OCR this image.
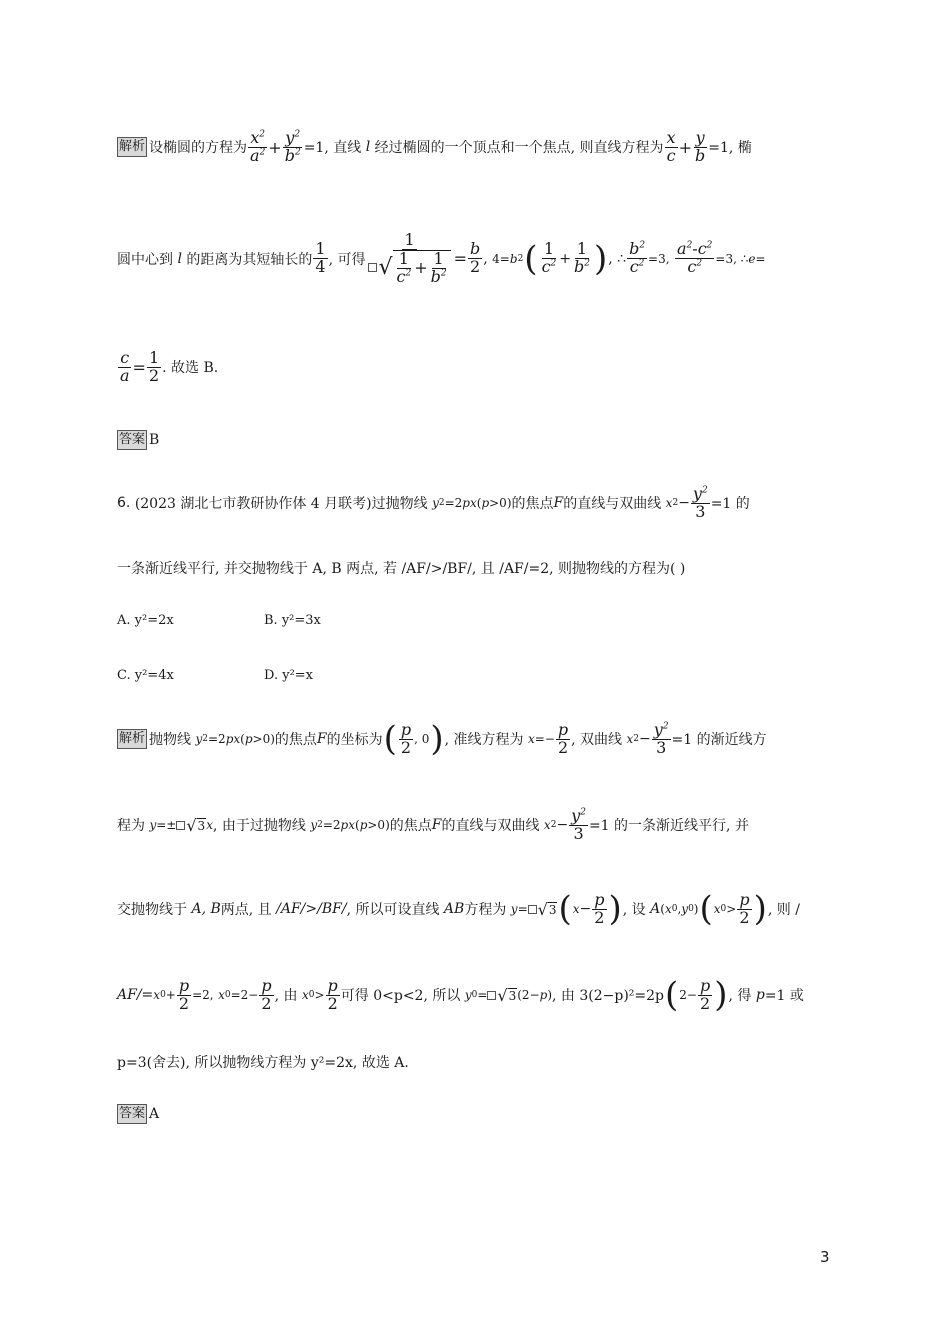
解析 设椭圆的方程为 $\frac{x^2}{a^2} + \frac{y^2}{b^2} =1$, 直线
l
经过椭圆的一个顶点和一个焦点, 则直线方程为 $\frac{x}{c} + \frac{y}{b} =1$, 椭
圆中心到
l
的距离为其短轴长的 $\frac{1}{4}$ , 可得 $\frac{1}{√ \frac{1}{c^2} + \frac{1}{b^2}} = \frac{b}{2}$ , 4= b 2 ( $\frac{1}{c^2} + \frac{1}{b^2}$ ) , ∴ $\frac{b^2}{c^2} =3$,
$\frac{a^2-c^2}{c^2} =3$, ∴ e =
$\frac{c}{a} = \frac{1}{2}$ . 故选 B.
答案 B
6.
(2023 湖北七市教研协作体 4 月联考) 过抛物线
y 2 =2 px ( p >0) 的焦点 F 的直线与双曲线
x $2 - \frac{y^2}{3} =1$ 的
一条渐近线平行, 并交抛物线于 A, B 两点, 若 /AF/>/BF/, 且 /AF/=2, 则抛物线的方程为( )
A. y²=2x	B. y²=3x
C. y²=4x	D. y²=x
解析 抛物线
y 2 =2 px ( p >0) 的焦点 F 的坐标为 ( $\frac{p}{2}$ , 0 ) , 准线方程为
$x =- \frac{p}{2}$ , 双曲线
x $2 - \frac{y^2}{3} =1$ 的渐近线方
程为
y =± √ 3 x , 由于过抛物线
y 2 =2 px ( p >0) 的焦点 F 的直线与双曲线
x $2 - \frac{y^2}{3} =1$ 的一条渐近线平行, 并
交抛物线于
A, B 两点, 且
/AF/>/BF/ , 所以可设直线
AB 方程为
y = √ 3 ( $x - \frac{p}{2}$ ) , 设
A ( x 0 , y 0 ) ( x $0 > \frac{p}{2}$ ) , 则 /
AF/= x $0 + \frac{p}{2} =2$,
x $0 =2- \frac{p}{2}$ , 由
x $0 > \frac{p}{2}$ 可得 0<p<2, 所以
y 0 = √ 3 (2− p ) , 由 3(2−p)²=2p ( $2- \frac{p}{2}$ ) , 得
p =1 或
p=3(舍去), 所以抛物线方程为 y²=2x, 故选 A.
答案 A
3
